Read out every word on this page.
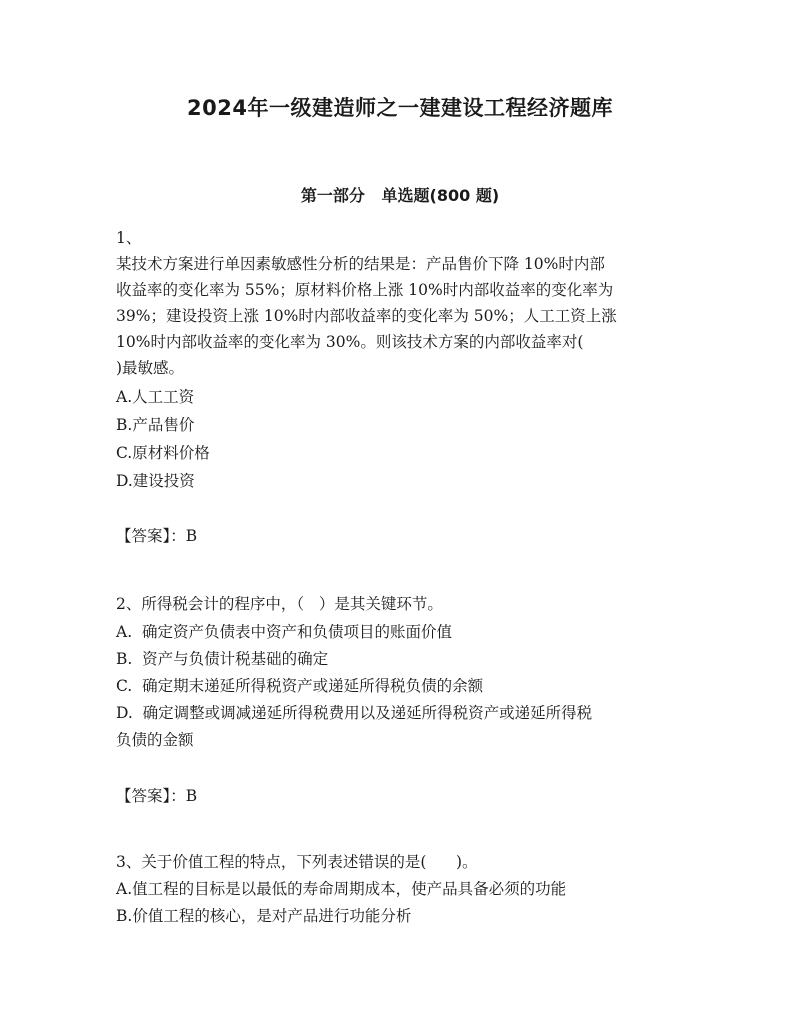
2024年一级建造师之一建建设工程经济题库
第一部分   单选题(800 题)
1、
某技术方案进行单因素敏感性分析的结果是：产品售价下降 10%时内部
收益率的变化率为 55%；原材料价格上涨 10%时内部收益率的变化率为
39%；建设投资上涨 10%时内部收益率的变化率为 50%；人工工资上涨
10%时内部收益率的变化率为 30%。则该技术方案的内部收益率对(
)最敏感。
A.人工工资
B.产品售价
C.原材料价格
D.建设投资
【答案】：B
2、所得税会计的程序中，（   ）是其关键环节。
A.  确定资产负债表中资产和负债项目的账面价值
B.  资产与负债计税基础的确定
C.  确定期末递延所得税资产或递延所得税负债的余额
D.  确定调整或调减递延所得税费用以及递延所得税资产或递延所得税
负债的金额
【答案】：B
3、关于价值工程的特点，下列表述错误的是(      )。
A.值工程的目标是以最低的寿命周期成本，使产品具备必须的功能
B.价值工程的核心，是对产品进行功能分析
